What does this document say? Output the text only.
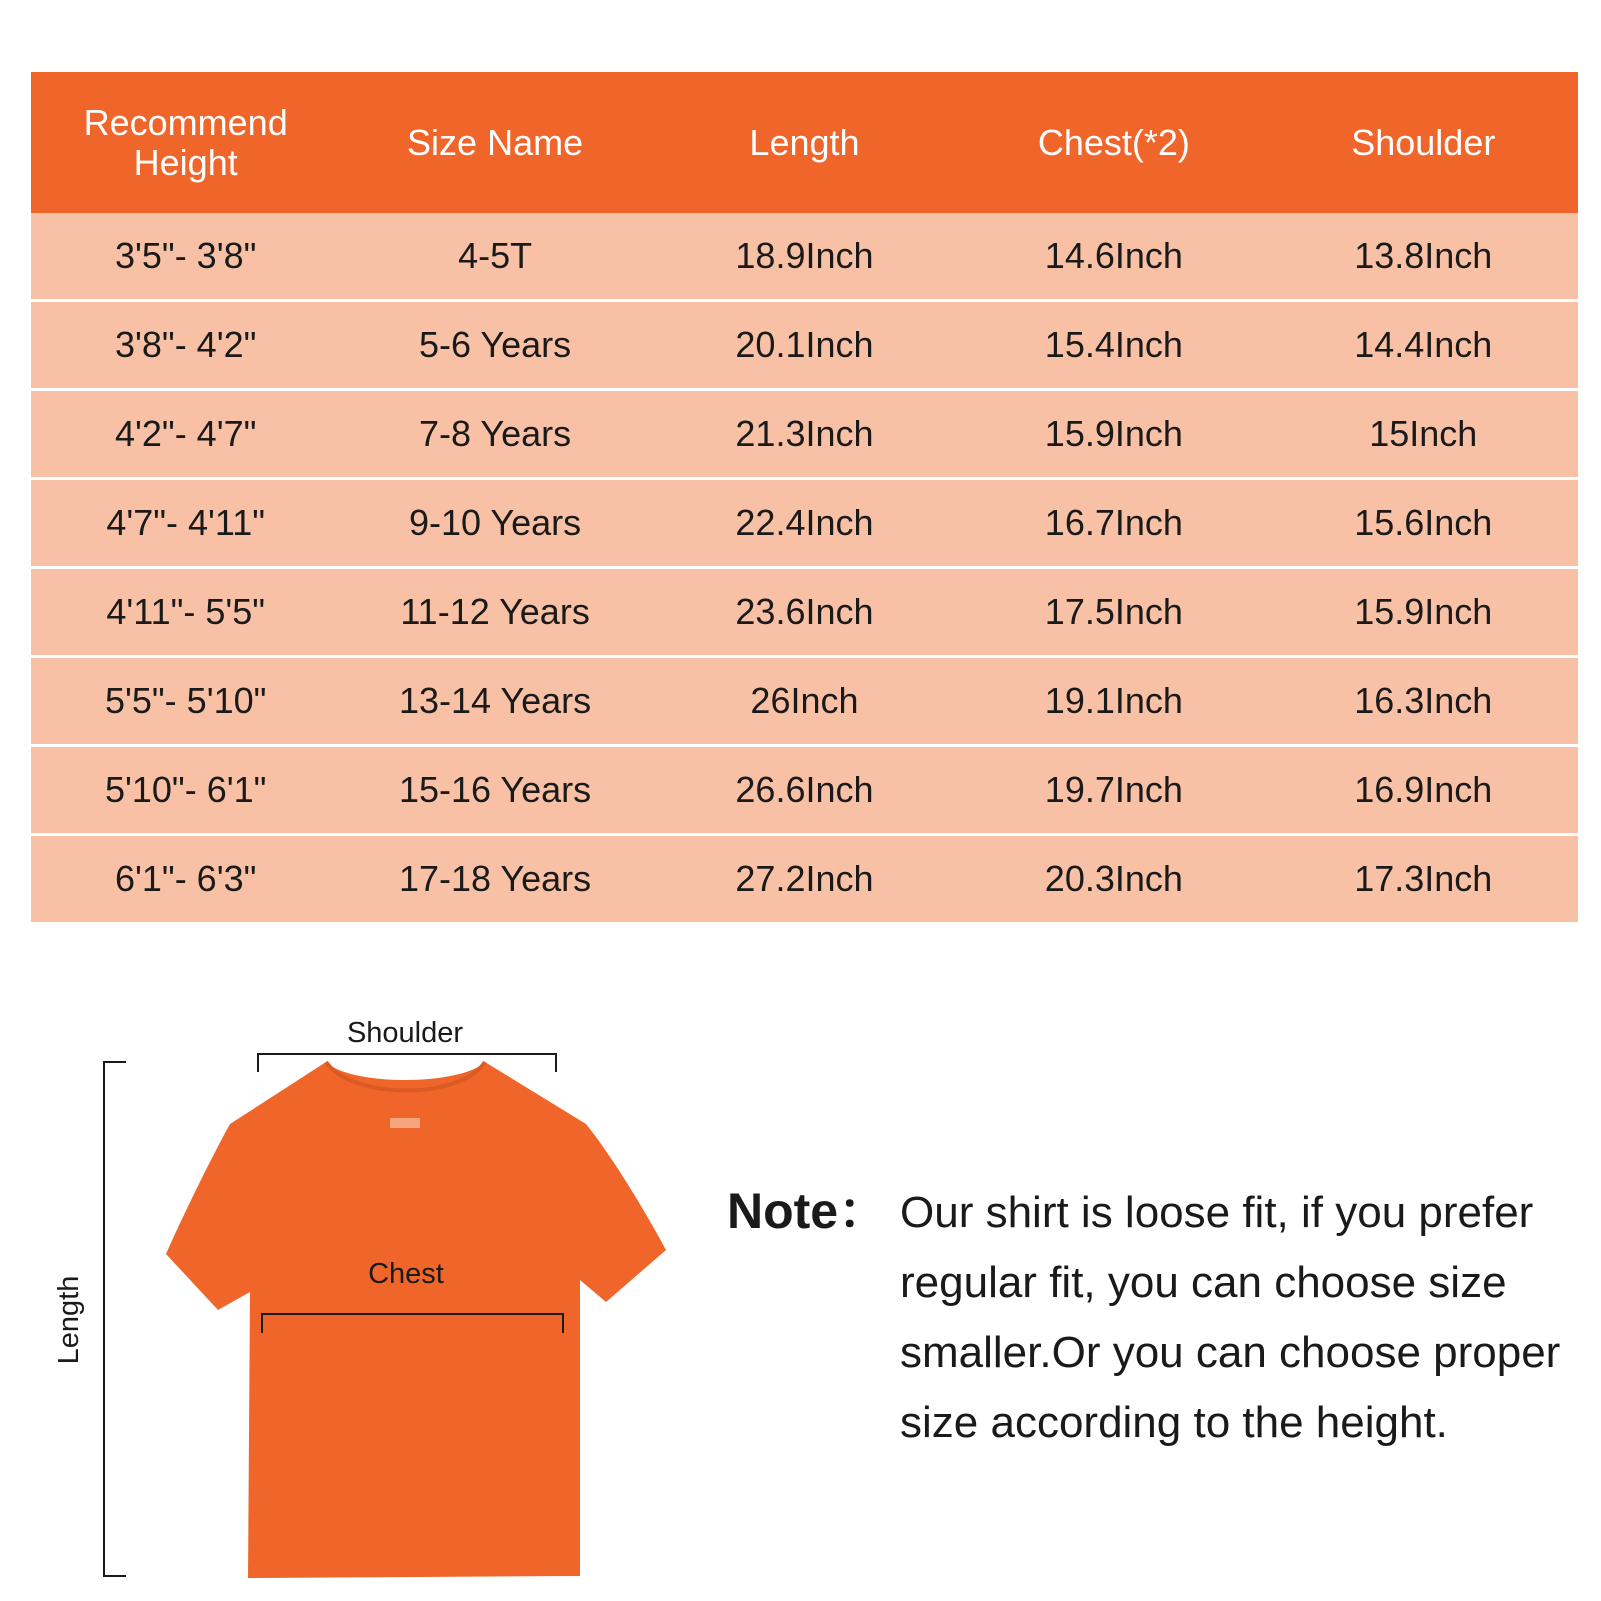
Recommend Height	Size Name	Length	Chest(*2)	Shoulder
3'5"- 3'8"	4-5T	18.9Inch	14.6Inch	13.8Inch
3'8"- 4'2"	5-6 Years	20.1Inch	15.4Inch	14.4Inch
4'2"- 4'7"	7-8 Years	21.3Inch	15.9Inch	15Inch
4'7"- 4'11"	9-10 Years	22.4Inch	16.7Inch	15.6Inch
4'11"- 5'5"	11-12 Years	23.6Inch	17.5Inch	15.9Inch
5'5"- 5'10"	13-14 Years	26Inch	19.1Inch	16.3Inch
5'10"- 6'1"	15-16 Years	26.6Inch	19.7Inch	16.9Inch
6'1"- 6'3"	17-18 Years	27.2Inch	20.3Inch	17.3Inch
Shoulder
Length
Chest
Note： Our shirt is loose fit, if you prefer
regular fit, you can choose size
smaller.Or you can choose proper
size according to the height.
